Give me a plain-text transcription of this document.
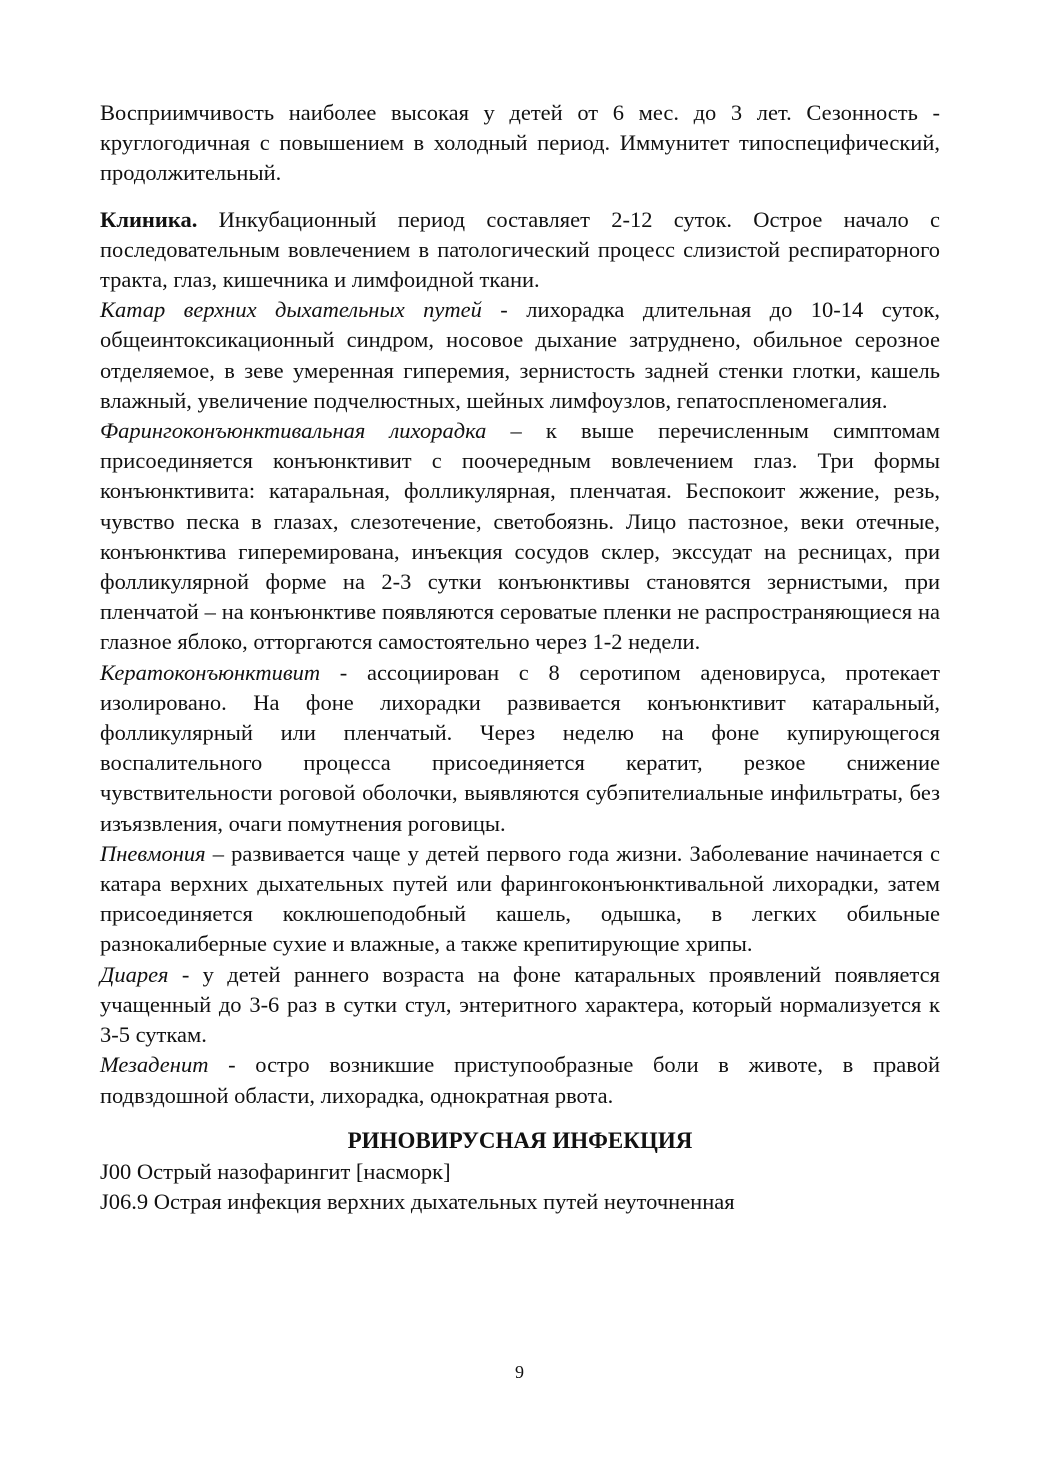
Восприимчивость наиболее высокая у детей от 6 мес. до 3 лет. Сезонность - круглогодичная с повышением в холодный период. Иммунитет типоспецифический, продолжительный.

Клиника. Инкубационный период составляет 2-12 суток. Острое начало с последовательным вовлечением в патологический процесс слизистой респираторного тракта, глаз, кишечника и лимфоидной ткани.

Катар верхних дыхательных путей - лихорадка длительная до 10-14 суток, общеинтоксикационный синдром, носовое дыхание затруднено, обильное серозное отделяемое, в зеве умеренная гиперемия, зернистость задней стенки глотки, кашель влажный, увеличение подчелюстных, шейных лимфоузлов, гепатоспленомегалия.

Фарингоконъюнктивальная лихорадка – к выше перечисленным симптомам присоединяется конъюнктивит с поочередным вовлечением глаз. Три формы конъюнктивита: катаральная, фолликулярная, пленчатая. Беспокоит жжение, резь, чувство песка в глазах, слезотечение, светобоязнь. Лицо пастозное, веки отечные, конъюнктива гиперемирована, инъекция сосудов склер, экссудат на ресницах, при фолликулярной форме на 2-3 сутки конъюнктивы становятся зернистыми, при пленчатой – на конъюнктиве появляются сероватые пленки не распространяющиеся на глазное яблоко, отторгаются самостоятельно через 1-2 недели.

Кератоконъюнктивит - ассоциирован с 8 серотипом аденовируса, протекает изолировано. На фоне лихорадки развивается конъюнктивит катаральный, фолликулярный или пленчатый. Через неделю на фоне купирующегося воспалительного процесса присоединяется кератит, резкое снижение чувствительности роговой оболочки, выявляются субэпителиальные инфильтраты, без изъязвления, очаги помутнения роговицы.

Пневмония – развивается чаще у детей первого года жизни. Заболевание начинается с катара верхних дыхательных путей или фарингоконъюнктивальной лихорадки, затем присоединяется коклюшеподобный кашель, одышка, в легких обильные разнокалиберные сухие и влажные, а также крепитирующие хрипы.

Диарея - у детей раннего возраста на фоне катаральных проявлений появляется учащенный до 3-6 раз в сутки стул, энтеритного характера, который нормализуется к 3-5 суткам.

Мезаденит - остро возникшие приступообразные боли в животе, в правой подвздошной области, лихорадка, однократная рвота.

РИНОВИРУСНАЯ ИНФЕКЦИЯ

J00 Острый назофарингит [насморк]

J06.9 Острая инфекция верхних дыхательных путей неуточненная

9
